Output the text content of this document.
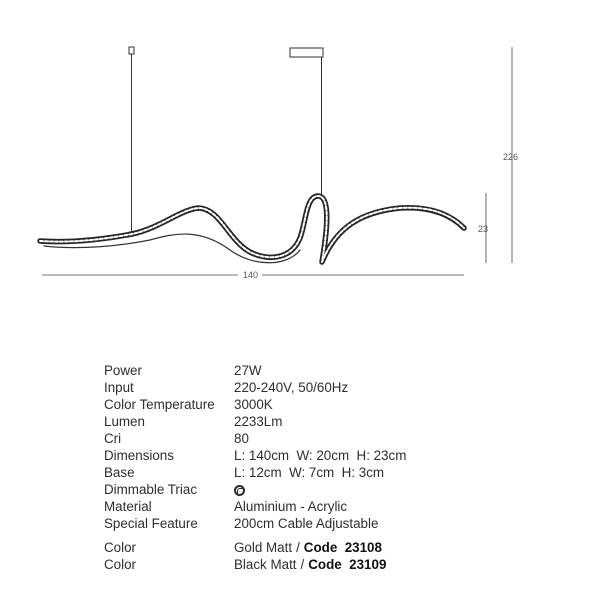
226
23
140
Power	27W
Input	220-240V, 50/60Hz
Color Temperature	3000K
Lumen	2233Lm
Cri	80
Dimensions	L: 140cm  W: 20cm  H: 23cm
Base	L: 12cm  W: 7cm  H: 3cm
Dimmable Triac	
Material	Aluminium - Acrylic
Special Feature	200cm Cable Adjustable

Color	Gold Matt / Code  23108
Color	Black Matt / Code  23109
